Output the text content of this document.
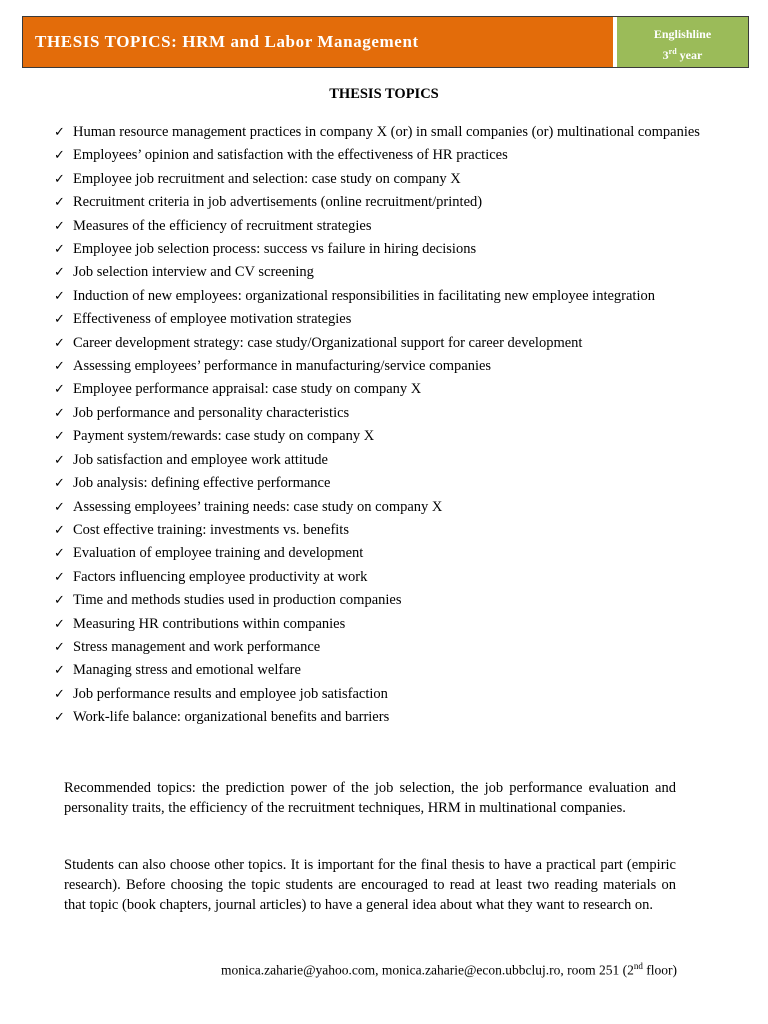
THESIS TOPICS: HRM and Labor Management	Englishline
3rd year
THESIS TOPICS
✓ Human resource management practices in company X (or) in small companies (or) multinational companies
✓ Employees’ opinion and satisfaction with the effectiveness of HR practices
✓ Employee job recruitment and selection: case study on company X
✓ Recruitment criteria in job advertisements (online recruitment/printed)
✓ Measures of the efficiency of recruitment strategies
✓ Employee job selection process: success vs failure in hiring decisions
✓ Job selection interview and CV screening
✓ Induction of new employees: organizational responsibilities in facilitating new employee integration
✓ Effectiveness of employee motivation strategies
✓ Career development strategy: case study/Organizational support for career development
✓ Assessing employees’ performance in manufacturing/service companies
✓ Employee performance appraisal: case study on company X
✓ Job performance and personality characteristics
✓ Payment system/rewards: case study on company X
✓ Job satisfaction and employee work attitude
✓ Job analysis: defining effective performance
✓ Assessing employees’ training needs: case study on company X
✓ Cost effective training: investments vs. benefits
✓ Evaluation of employee training and development
✓ Factors influencing employee productivity at work
✓ Time and methods studies used in production companies
✓ Measuring HR contributions within companies
✓ Stress management and work performance
✓ Managing stress and emotional welfare
✓ Job performance results and employee job satisfaction
✓ Work-life balance: organizational benefits and barriers

Recommended topics: the prediction power of the job selection, the job performance evaluation and personality traits, the efficiency of the recruitment techniques, HRM in multinational companies.

Students can also choose other topics. It is important for the final thesis to have a practical part (empiric research). Before choosing the topic students are encouraged to read at least two reading materials on that topic (book chapters, journal articles) to have a general idea about what they want to research on.

monica.zaharie@yahoo.com, monica.zaharie@econ.ubbcluj.ro, room 251 (2nd floor)
